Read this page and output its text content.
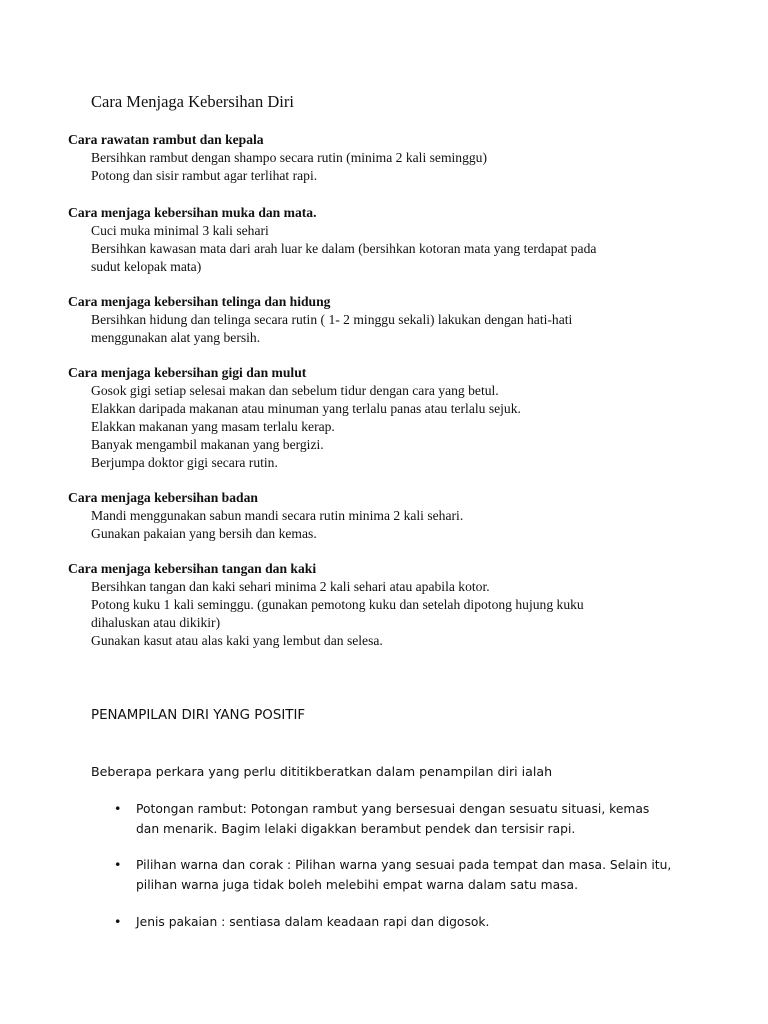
Cara Menjaga Kebersihan Diri

Cara rawatan rambut dan kepala

Bersihkan rambut dengan shampo secara rutin (minima 2 kali seminggu)
Potong dan sisir rambut agar terlihat rapi.

Cara menjaga kebersihan muka dan mata.

Cuci muka minimal 3 kali sehari
Bersihkan kawasan mata dari arah luar ke dalam (bersihkan kotoran mata yang terdapat pada
sudut kelopak mata)

Cara menjaga kebersihan telinga dan hidung

Bersihkan hidung dan telinga secara rutin ( 1- 2 minggu sekali) lakukan dengan hati-hati
menggunakan alat yang bersih.

Cara menjaga kebersihan gigi dan mulut

Gosok gigi setiap selesai makan dan sebelum tidur dengan cara yang betul.
Elakkan daripada makanan atau minuman yang terlalu panas atau terlalu sejuk.
Elakkan makanan yang masam terlalu kerap.
Banyak mengambil makanan yang bergizi.
Berjumpa doktor gigi secara rutin.

Cara menjaga kebersihan badan

Mandi menggunakan sabun mandi secara rutin minima 2 kali sehari.
Gunakan pakaian yang bersih dan kemas.

Cara menjaga kebersihan tangan dan kaki

Bersihkan tangan dan kaki sehari minima 2 kali sehari atau apabila kotor.
Potong kuku 1 kali seminggu. (gunakan pemotong kuku dan setelah dipotong hujung kuku
dihaluskan atau dikikir)
Gunakan kasut atau alas kaki yang lembut dan selesa.
PENAMPILAN DIRI YANG POSITIF

Beberapa perkara yang perlu dititikberatkan dalam penampilan diri ialah

•	Potongan rambut: Potongan rambut yang bersesuai dengan sesuatu situasi, kemas
dan menarik. Bagim lelaki digakkan berambut pendek dan tersisir rapi.
•	Pilihan warna dan corak : Pilihan warna yang sesuai pada tempat dan masa. Selain itu,
pilihan warna juga tidak boleh melebihi empat warna dalam satu masa.
•	Jenis pakaian : sentiasa dalam keadaan rapi dan digosok.
